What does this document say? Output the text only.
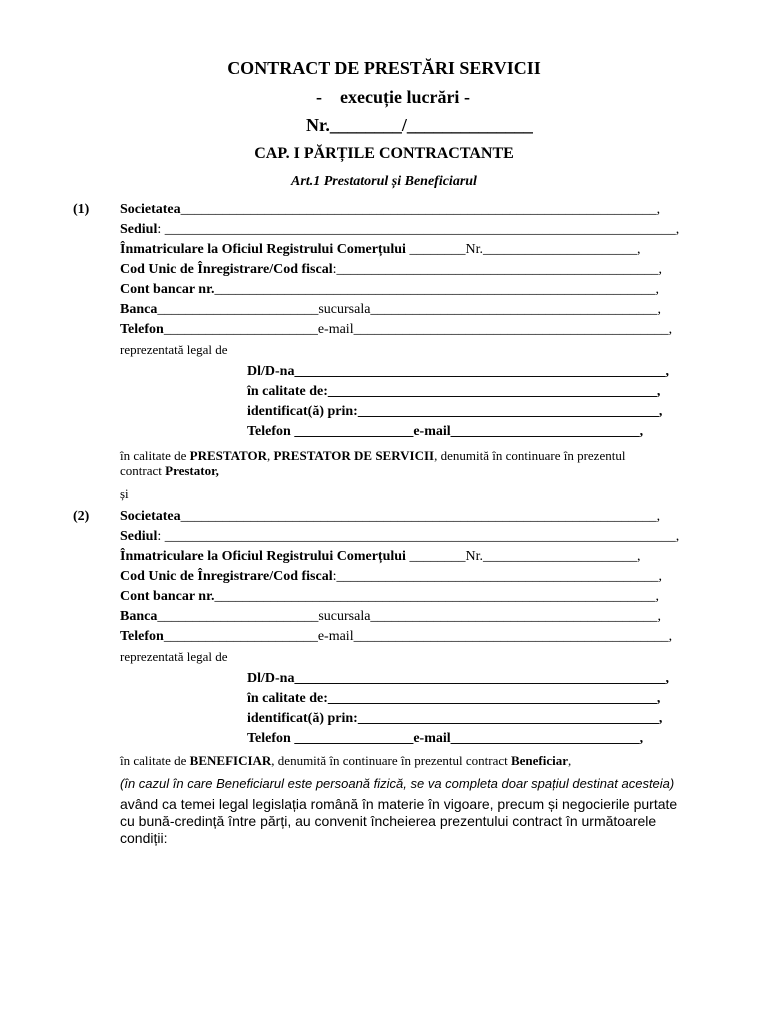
CONTRACT DE PRESTĂRI SERVICII
-    execuție lucrări -
Nr.________/______________
CAP. I PĂRȚILE CONTRACTANTE
Art.1 Prestatorul și Beneficiarul
(1) Societatea____________________________________________________________________,
Sediul: _________________________________________________________________________,
Înmatriculare la Oficiul Registrului Comerțului ________Nr.______________________,
Cod Unic de Înregistrare/Cod fiscal:______________________________________________,
Cont bancar nr._______________________________________________________________,
Banca_______________________sucursala_________________________________________,
Telefon______________________e-mail_____________________________________________,
reprezentată legal de
Dl/D-na_____________________________________________________,
în calitate de:_______________________________________________,
identificat(ă) prin:___________________________________________,
Telefon _________________e-mail___________________________,
în calitate de PRESTATOR, PRESTATOR DE SERVICII, denumită în continuare în prezentul
contract Prestator,
și
(2) Societatea____________________________________________________________________,
Sediul: _________________________________________________________________________,
Înmatriculare la Oficiul Registrului Comerțului ________Nr.______________________,
Cod Unic de Înregistrare/Cod fiscal:______________________________________________,
Cont bancar nr._______________________________________________________________,
Banca_______________________sucursala_________________________________________,
Telefon______________________e-mail_____________________________________________,
reprezentată legal de
Dl/D-na_____________________________________________________,
în calitate de:_______________________________________________,
identificat(ă) prin:___________________________________________,
Telefon _________________e-mail___________________________,
în calitate de BENEFICIAR, denumită în continuare în prezentul contract Beneficiar,
(în cazul în care Beneficiarul este persoană fizică, se va completa doar spațiul destinat acesteia)
având ca temei legal legislația română în materie în vigoare, precum și negocierile purtate
cu bună-credință între părți, au convenit încheierea prezentului contract în următoarele
condiții:
